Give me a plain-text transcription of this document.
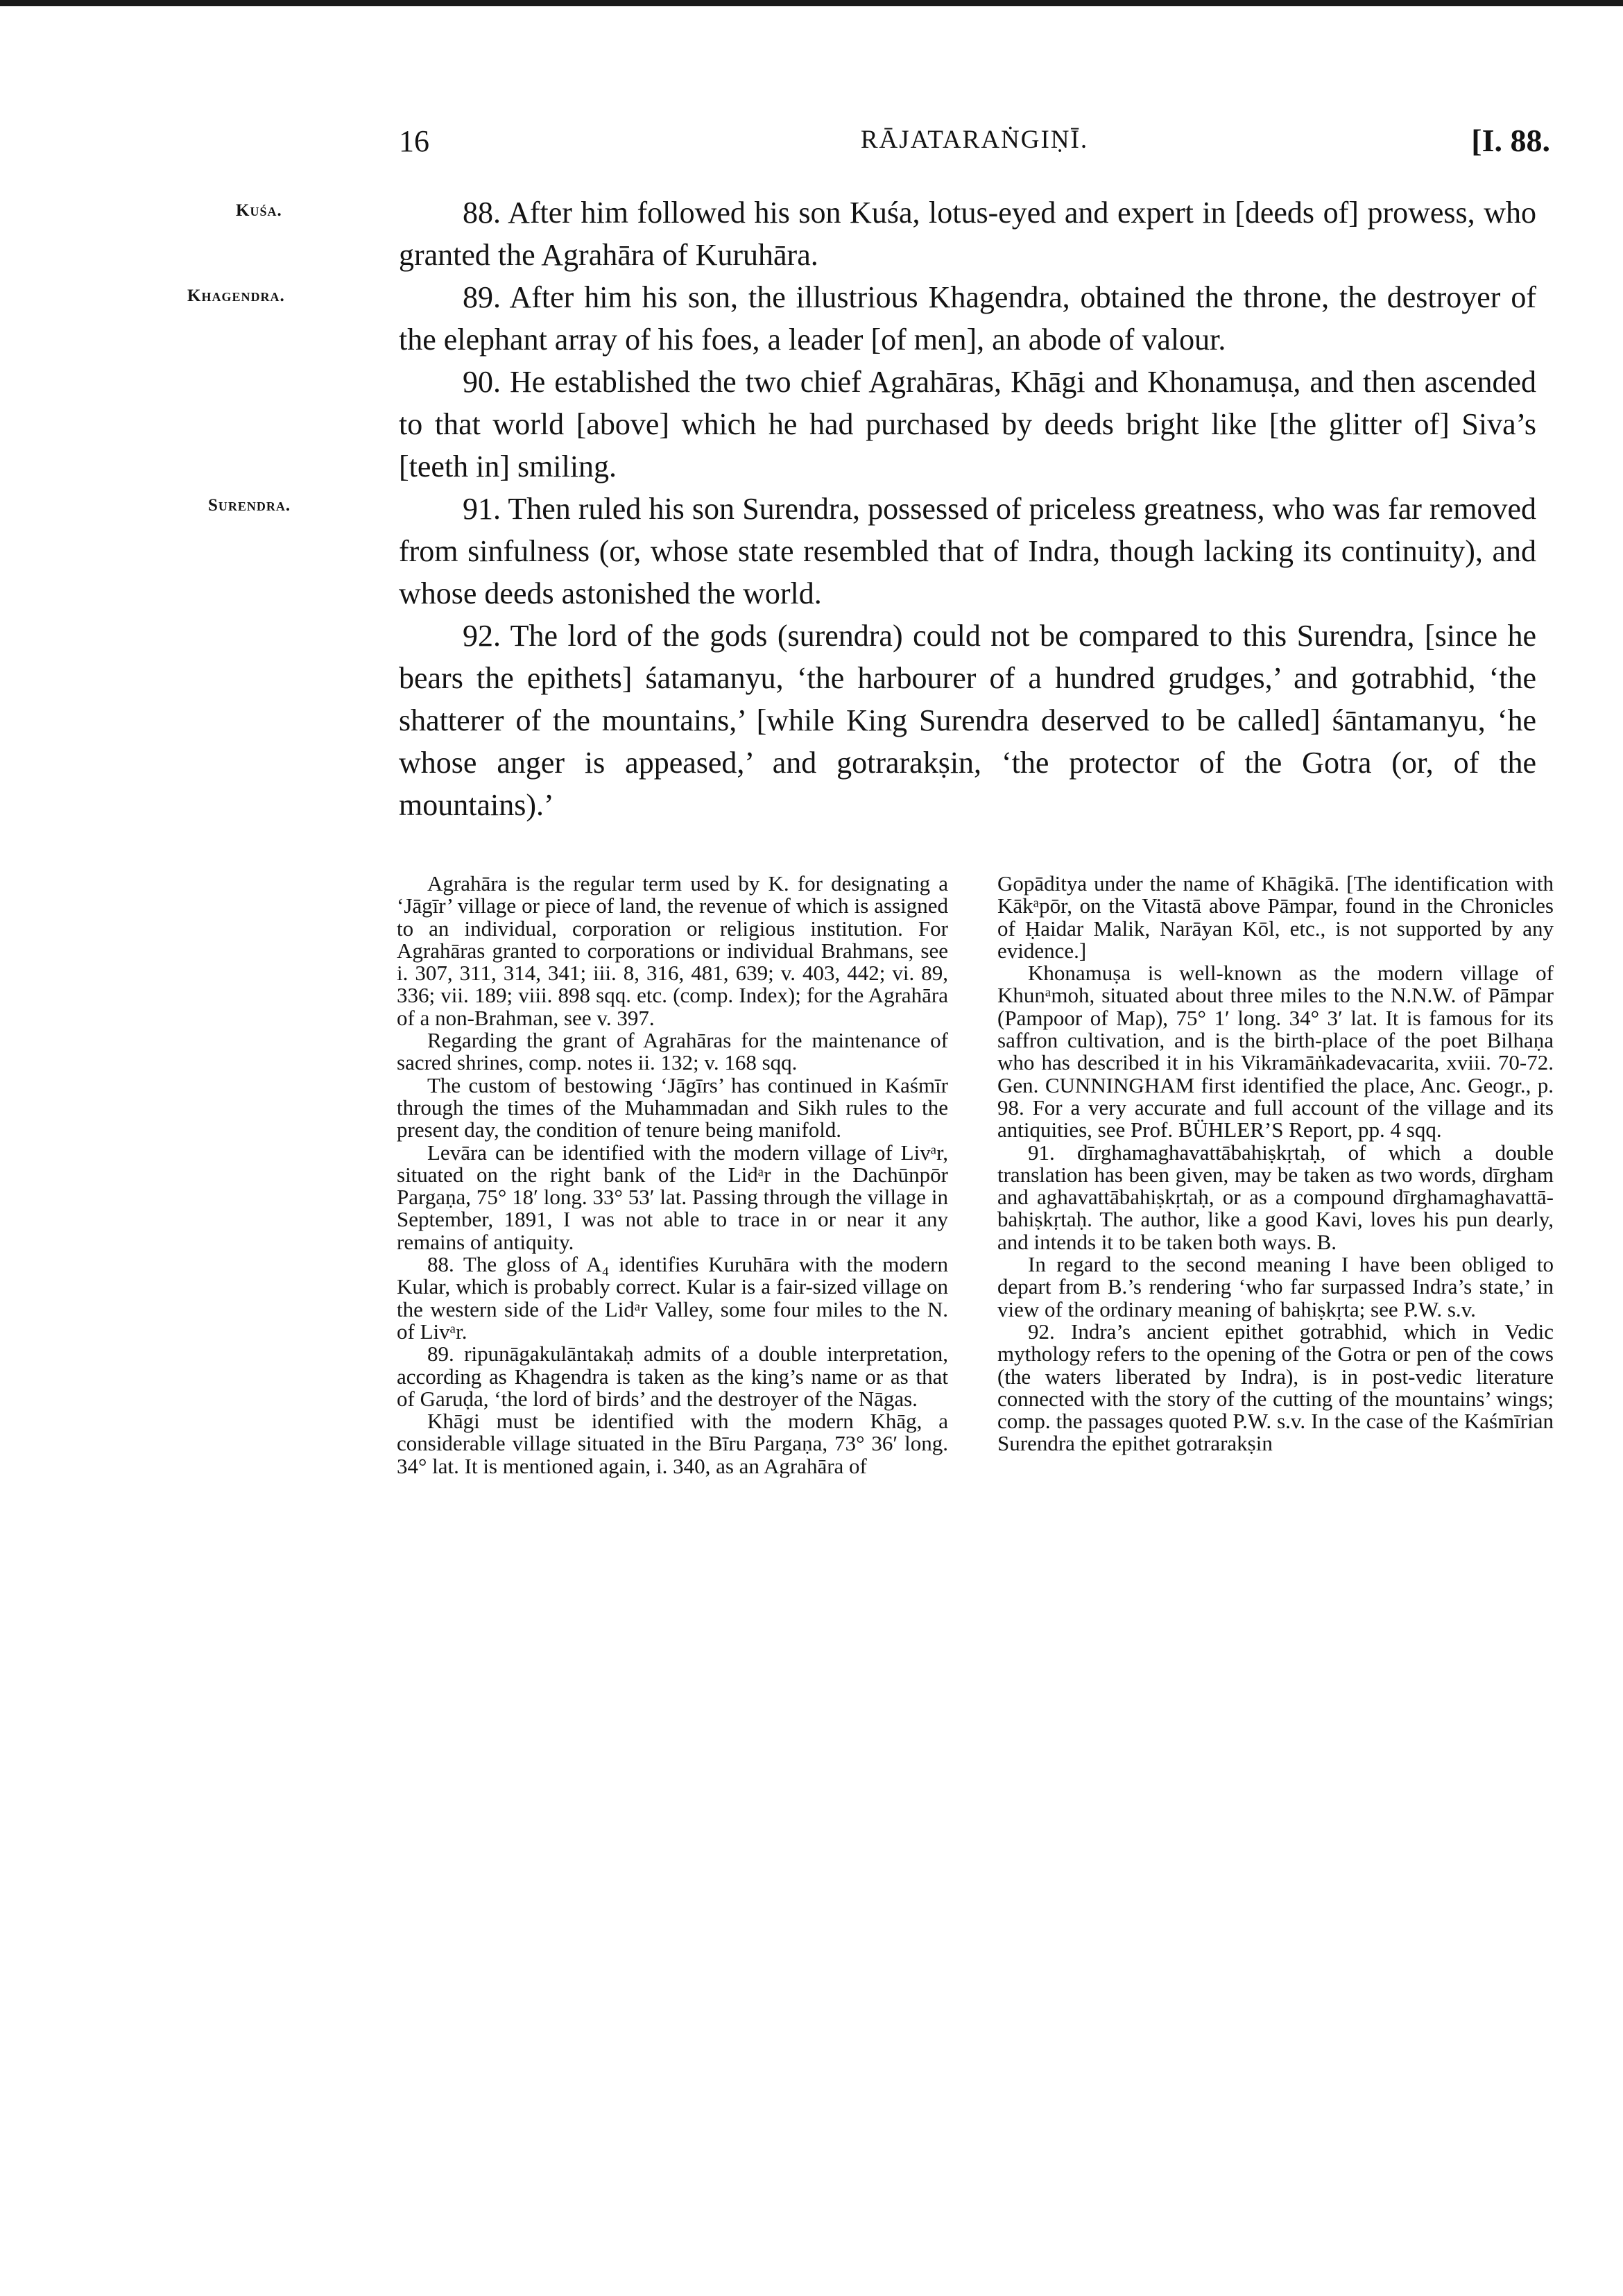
16	RĀJATARAṄGIṆĪ.	[I. 88.
Kuśa.
Khagendra.
Surendra.

88. After him followed his son Kuśa, lotus-eyed and expert in [deeds of] prowess, who granted the Agrahāra of Kuruhāra.

89. After him his son, the illustrious Khagendra, obtained the throne, the destroyer of the elephant array of his foes, a leader [of men], an abode of valour.

90. He established the two chief Agrahāras, Khāgi and Khonamuṣa, and then ascended to that world [above] which he had purchased by deeds bright like [the glitter of] Siva’s [teeth in] smiling.

91. Then ruled his son Surendra, possessed of priceless greatness, who was far removed from sinfulness (or, whose state resembled that of Indra, though lacking its continuity), and whose deeds astonished the world.

92. The lord of the gods (surendra) could not be compared to this Surendra, [since he bears the epithets] śatamanyu, ‘the harbourer of a hundred grudges,’ and gotrabhid, ‘the shatterer of the mountains,’ [while King Surendra deserved to be called] śāntamanyu, ‘he whose anger is appeased,’ and gotrarakṣin, ‘the protector of the Gotra (or, of the mountains).’

Agrahāra is the regular term used by K. for designating a ‘Jāgīr’ village or piece of land, the revenue of which is assigned to an individual, corporation or religious institution. For Agrahāras granted to corporations or individual Brahmans, see i. 307, 311, 314, 341; iii. 8, 316, 481, 639; v. 403, 442; vi. 89, 336; vii. 189; viii. 898 sqq. etc. (comp. Index); for the Agrahāra of a non-Brahman, see v. 397.

Regarding the grant of Agrahāras for the maintenance of sacred shrines, comp. notes ii. 132; v. 168 sqq.

The custom of bestowing ‘Jāgīrs’ has continued in Kaśmīr through the times of the Muhammadan and Sikh rules to the present day, the condition of tenure being manifold.

Levāra can be identified with the modern village of Livᵃr, situated on the right bank of the Lidᵃr in the Dachūnpōr Pargaṇa, 75° 18′ long. 33° 53′ lat. Passing through the village in September, 1891, I was not able to trace in or near it any remains of antiquity.

88. The gloss of A₄ identifies Kuruhāra with the modern Kular, which is probably correct. Kular is a fair-sized village on the western side of the Lidᵃr Valley, some four miles to the N. of Livᵃr.

89. ripunāgakulāntakaḥ admits of a double interpretation, according as Khagendra is taken as the king’s name or as that of Garuḍa, ‘the lord of birds’ and the destroyer of the Nāgas.

Khāgi must be identified with the modern Khāg, a considerable village situated in the Bīru Pargaṇa, 73° 36′ long. 34° lat. It is mentioned again, i. 340, as an Agrahāra of

Gopāditya under the name of Khāgikā. [The identification with Kākᵃpōr, on the Vitastā above Pāmpar, found in the Chronicles of Ḥaidar Malik, Narāyan Kōl, etc., is not supported by any evidence.]

Khonamuṣa is well-known as the modern village of Khunᵃmoh, situated about three miles to the N.N.W. of Pāmpar (Pampoor of Map), 75° 1′ long. 34° 3′ lat. It is famous for its saffron cultivation, and is the birth-place of the poet Bilhaṇa who has described it in his Vikramāṅkadevacarita, xviii. 70-72. Gen. CUNNINGHAM first identified the place, Anc. Geogr., p. 98. For a very accurate and full account of the village and its antiquities, see Prof. BÜHLER’S Report, pp. 4 sqq.

91. dīrghamaghavattābahiṣkṛtaḥ, of which a double translation has been given, may be taken as two words, dīrgham and aghavattābahiṣkṛtaḥ, or as a compound dīrghamaghavattā-bahiṣkṛtaḥ. The author, like a good Kavi, loves his pun dearly, and intends it to be taken both ways. B.

In regard to the second meaning I have been obliged to depart from B.’s rendering ‘who far surpassed Indra’s state,’ in view of the ordinary meaning of bahiṣkṛta; see P.W. s.v.

92. Indra’s ancient epithet gotrabhid, which in Vedic mythology refers to the opening of the Gotra or pen of the cows (the waters liberated by Indra), is in post-vedic literature connected with the story of the cutting of the mountains’ wings; comp. the passages quoted P.W. s.v. In the case of the Kaśmīrian Surendra the epithet gotrarakṣin
